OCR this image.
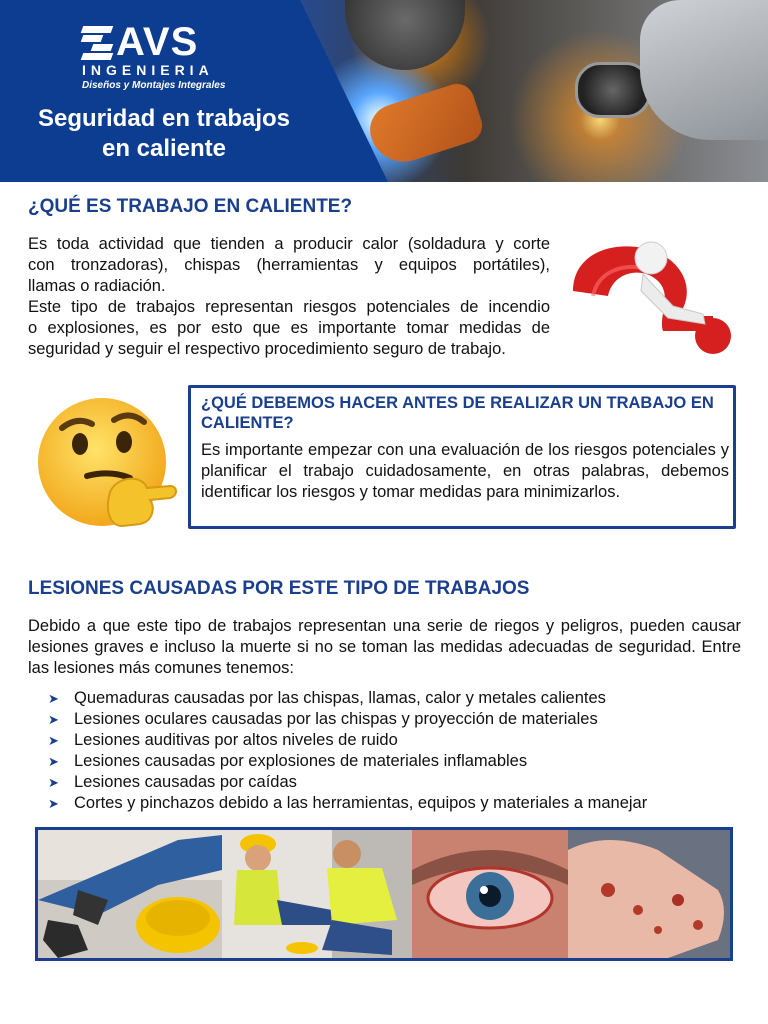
AVS
INGENIERIA
Diseños y Montajes Integrales
Seguridad en trabajos
en caliente
¿QUÉ ES TRABAJO EN CALIENTE?
Es toda actividad que tienden a producir calor (soldadura y corte
con tronzadoras), chispas (herramientas y equipos portátiles),
llamas o radiación.
Este tipo de trabajos representan riesgos potenciales de incendio
o explosiones, es por esto que es importante tomar medidas de
seguridad y seguir el respectivo procedimiento seguro de trabajo.
¿QUÉ DEBEMOS HACER ANTES DE REALIZAR UN TRABAJO EN CALIENTE?
Es importante empezar con una evaluación de los riesgos potenciales y planificar el trabajo cuidadosamente, en otras palabras, debemos identificar los riesgos y tomar medidas para minimizarlos.
LESIONES CAUSADAS POR ESTE TIPO DE TRABAJOS
Debido a que este tipo de trabajos representan una serie de riegos y peligros, pueden causar lesiones graves e incluso la muerte si no se toman las medidas adecuadas de seguridad. Entre las lesiones más comunes tenemos:
➤ Quemaduras causadas por las chispas, llamas, calor y metales calientes
➤ Lesiones oculares causadas por las chispas y proyección de materiales
➤ Lesiones auditivas por altos niveles de ruido
➤ Lesiones causadas por explosiones de materiales inflamables
➤ Lesiones causadas por caídas
➤ Cortes y pinchazos debido a las herramientas, equipos y materiales a manejar
